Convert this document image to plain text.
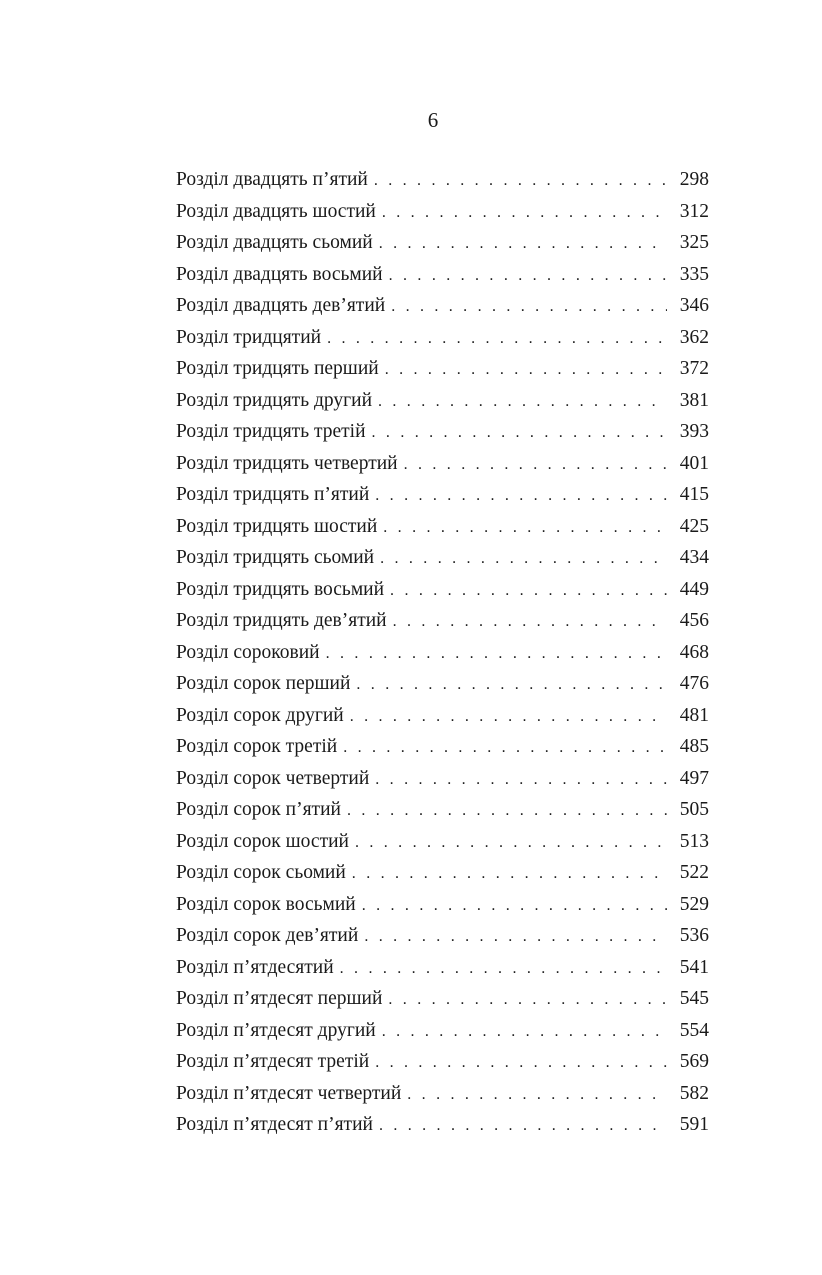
6
Розділ двадцять п’ятий . . .	298
Розділ двадцять шостий . . .	312
Розділ двадцять сьомий . . .	325
Розділ двадцять восьмий . . .	335
Розділ двадцять дев’ятий . . .	346
Розділ тридцятий . . .	362
Розділ тридцять перший . . .	372
Розділ тридцять другий . . .	381
Розділ тридцять третій . . .	393
Розділ тридцять четвертий . . .	401
Розділ тридцять п’ятий . . .	415
Розділ тридцять шостий . . .	425
Розділ тридцять сьомий . . .	434
Розділ тридцять восьмий . . .	449
Розділ тридцять дев’ятий . . .	456
Розділ сороковий . . .	468
Розділ сорок перший . . .	476
Розділ сорок другий . . .	481
Розділ сорок третій . . .	485
Розділ сорок четвертий . . .	497
Розділ сорок п’ятий . . .	505
Розділ сорок шостий . . .	513
Розділ сорок сьомий . . .	522
Розділ сорок восьмий . . .	529
Розділ сорок дев’ятий . . .	536
Розділ п’ятдесятий . . .	541
Розділ п’ятдесят перший . . .	545
Розділ п’ятдесят другий . . .	554
Розділ п’ятдесят третій . . .	569
Розділ п’ятдесят четвертий . . .	582
Розділ п’ятдесят п’ятий . . .	591
